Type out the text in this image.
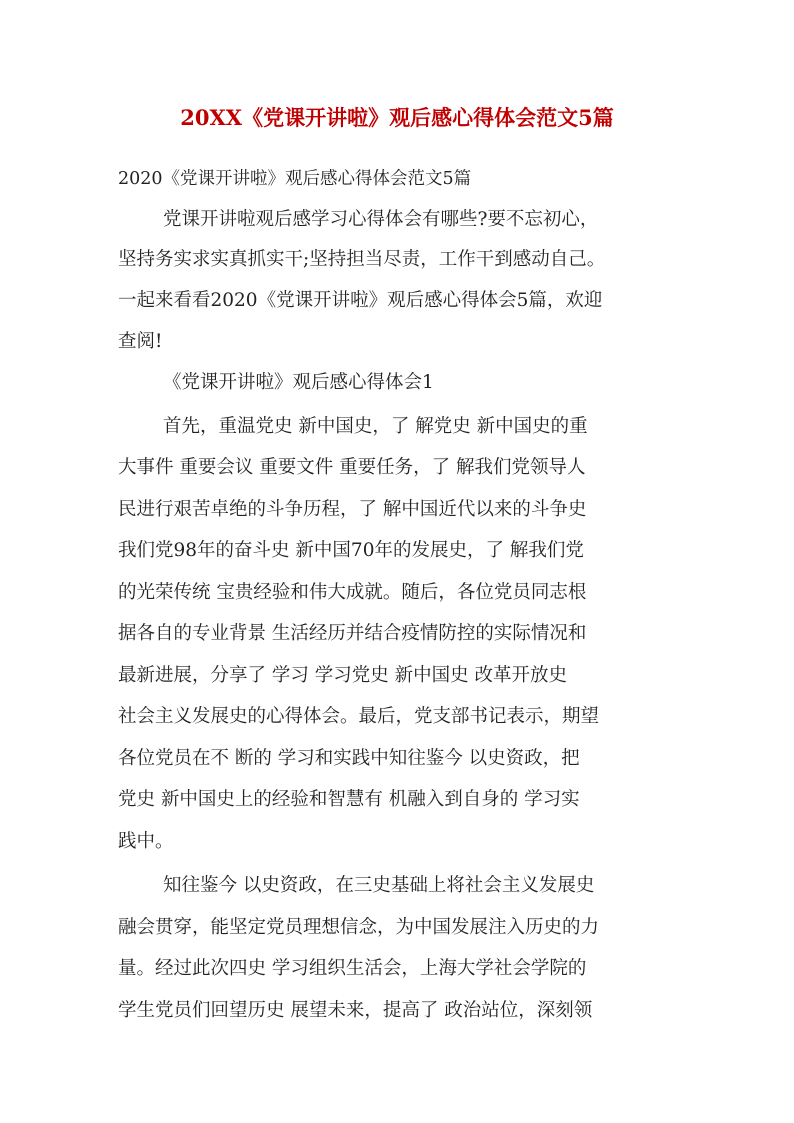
20XX《党课开讲啦》观后感心得体会范文5篇
2020《党课开讲啦》观后感心得体会范文5篇
党课开讲啦观后感学习心得体会有哪些?要不忘初心，
坚持务实求实真抓实干;坚持担当尽责，工作干到感动自己。
一起来看看2020《党课开讲啦》观后感心得体会5篇，欢迎
查阅!
《党课开讲啦》观后感心得体会1
首先，重温党史 新中国史，了 解党史 新中国史的重
大事件 重要会议 重要文件 重要任务，了 解我们党领导人
民进行艰苦卓绝的斗争历程，了 解中国近代以来的斗争史
我们党98年的奋斗史 新中国70年的发展史，了 解我们党
的光荣传统 宝贵经验和伟大成就。随后，各位党员同志根
据各自的专业背景 生活经历并结合疫情防控的实际情况和
最新进展，分享了 学习 学习党史 新中国史 改革开放史
社会主义发展史的心得体会。最后，党支部书记表示，期望
各位党员在不 断的 学习和实践中知往鉴今 以史资政，把
党史 新中国史上的经验和智慧有 机融入到自身的 学习实
践中。
知往鉴今 以史资政，在三史基础上将社会主义发展史
融会贯穿，能坚定党员理想信念，为中国发展注入历史的力
量。经过此次四史 学习组织生活会，上海大学社会学院的
学生党员们回望历史 展望未来，提高了 政治站位，深刻领
